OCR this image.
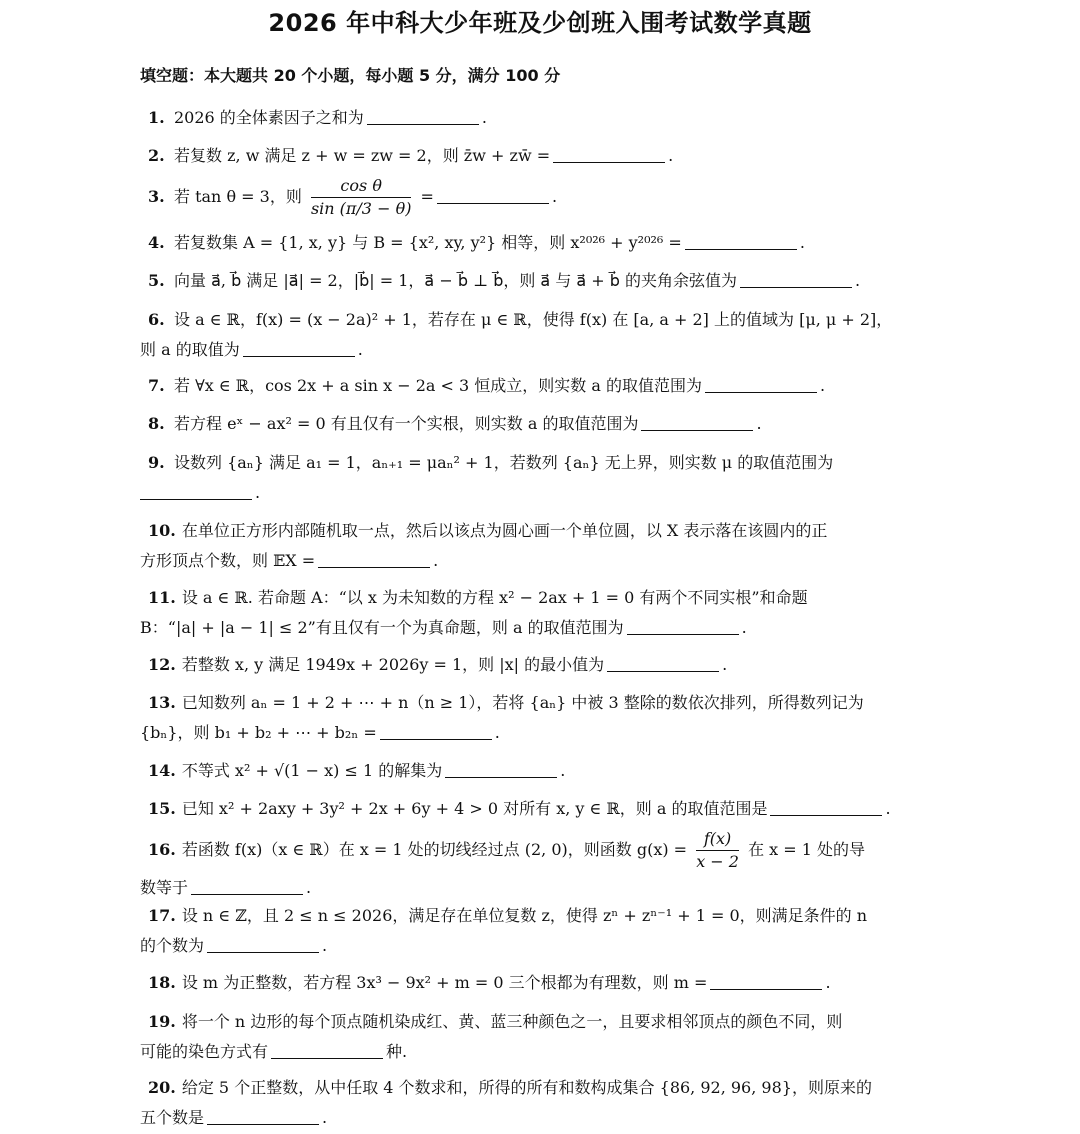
2026 年中科大少年班及少创班入围考试数学真题
填空题：本大题共 20 个小题，每小题 5 分，满分 100 分
1. 2026 的全体素因子之和为	.
2. 若复数 z, w 满足 z + w = zw = 2，则 z̄w + zw̄ =	.
3. 若 tan θ = 3，则 $\frac{\text{cos θ}}{\sin (\pi/3 - \theta)}$ =	.
4. 若复数集 A = {1, x, y} 与 B = {x², xy, y²} 相等，则 x²⁰²⁶ + y²⁰²⁶ =	.
5. 向量 a⃗, b⃗ 满足 |a⃗| = 2，|b⃗| = 1，a⃗ − b⃗ ⊥ b⃗，则 a⃗ 与 a⃗ + b⃗ 的夹角余弦值为	.
6. 设 a ∈ ℝ，f(x) = (x − 2a)² + 1，若存在 μ ∈ ℝ，使得 f(x) 在 [a, a + 2] 上的值域为 [μ, μ + 2]，
则 a 的取值为	.
7. 若 ∀x ∈ ℝ，cos 2x + a sin x − 2a < 3 恒成立，则实数 a 的取值范围为	.
8. 若方程 eˣ − ax² = 0 有且仅有一个实根，则实数 a 的取值范围为	.
9. 设数列 {aₙ} 满足 a₁ = 1，aₙ₊₁ = μaₙ² + 1，若数列 {aₙ} 无上界，则实数 μ 的取值范围为
.
10. 在单位正方形内部随机取一点，然后以该点为圆心画一个单位圆，以 X 表示落在该圆内的正
方形顶点个数，则 𝔼X =	.
11. 设 a ∈ ℝ. 若命题 A：“以 x 为未知数的方程 x² − 2ax + 1 = 0 有两个不同实根”和命题
B：“|a| + |a − 1| ≤ 2”有且仅有一个为真命题，则 a 的取值范围为	.
12. 若整数 x, y 满足 1949x + 2026y = 1，则 |x| 的最小值为	.
13. 已知数列 aₙ = 1 + 2 + ⋯ + n（n ≥ 1），若将 {aₙ} 中被 3 整除的数依次排列，所得数列记为
{bₙ}，则 b₁ + b₂ + ⋯ + b₂ₙ =	.
14. 不等式 x² + √(1 − x) ≤ 1 的解集为	.
15. 已知 x² + 2axy + 3y² + 2x + 6y + 4 > 0 对所有 x, y ∈ ℝ，则 a 的取值范围是	.
16. 若函数 f(x)（x ∈ ℝ）在 x = 1 处的切线经过点 (2, 0)，则函数 $g(x) = \frac{f(x)}{x - 2}$ 在 x = 1 处的导
数等于	.
17. 设 n ∈ ℤ，且 2 ≤ n ≤ 2026，满足存在单位复数 z，使得 zⁿ + zⁿ⁻¹ + 1 = 0，则满足条件的 n
的个数为	.
18. 设 m 为正整数，若方程 3x³ − 9x² + m = 0 三个根都为有理数，则 m =	.
19. 将一个 n 边形的每个顶点随机染成红、黄、蓝三种颜色之一，且要求相邻顶点的颜色不同，则
可能的染色方式有	种.
20. 给定 5 个正整数，从中任取 4 个数求和，所得的所有和数构成集合 {86, 92, 96, 98}，则原来的
五个数是	.
